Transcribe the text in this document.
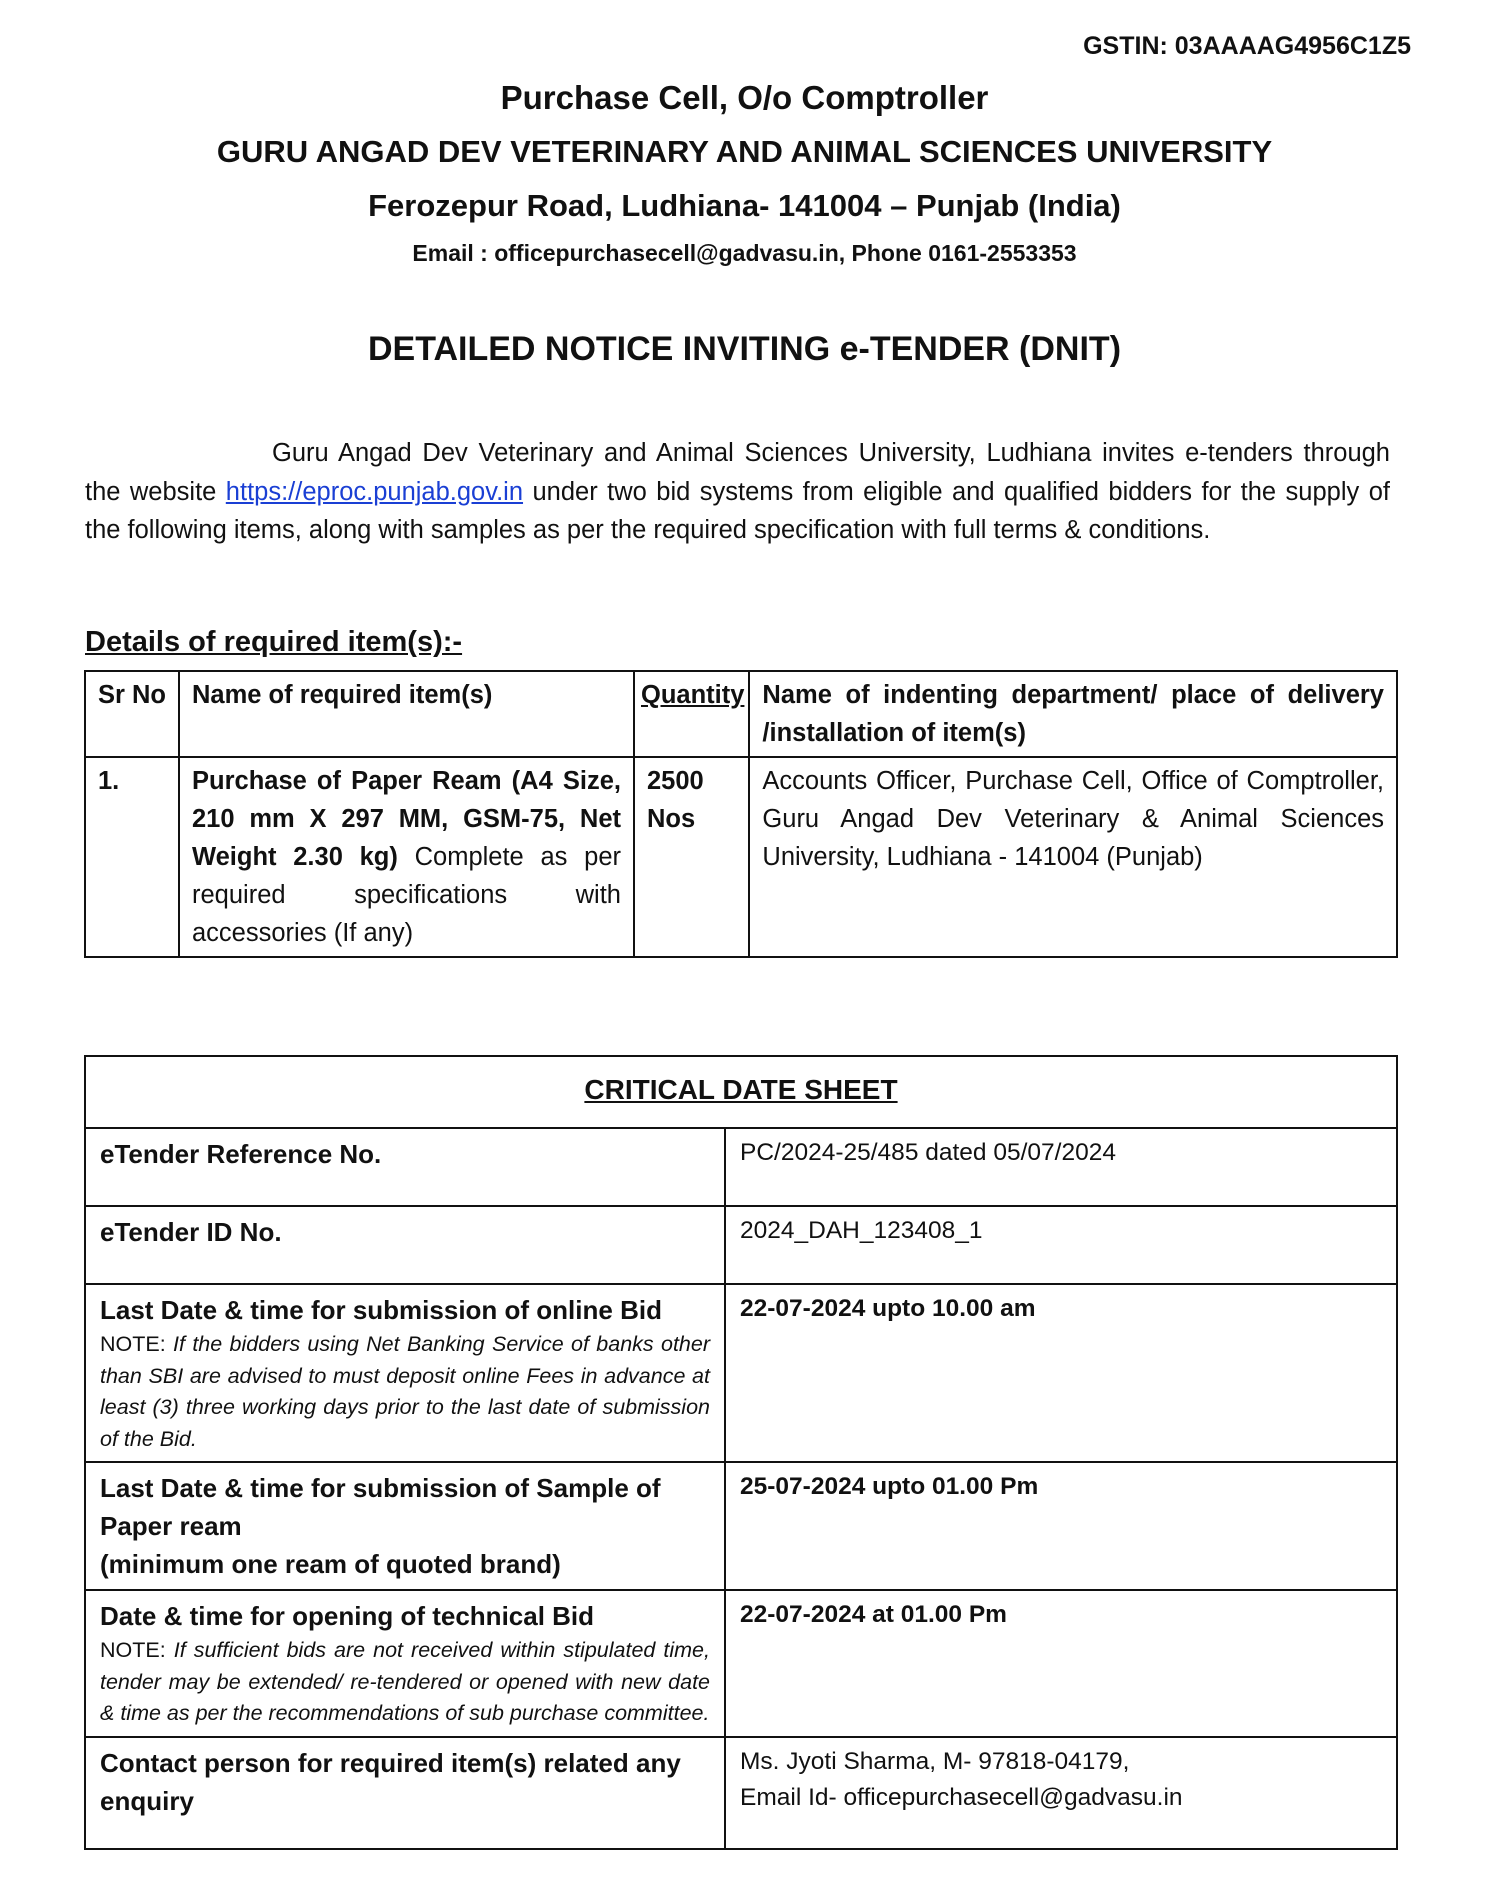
GSTIN: 03AAAAG4956C1Z5
Purchase Cell, O/o Comptroller
GURU ANGAD DEV VETERINARY AND ANIMAL SCIENCES UNIVERSITY
Ferozepur Road, Ludhiana- 141004 – Punjab (India)
Email : officepurchasecell@gadvasu.in, Phone 0161-2553353
DETAILED NOTICE INVITING e-TENDER (DNIT)
Guru Angad Dev Veterinary and Animal Sciences University, Ludhiana invites e-tenders through the website https://eproc.punjab.gov.in under two bid systems from eligible and qualified bidders for the supply of the following items, along with samples as per the required specification with full terms & conditions.
Details of required item(s):-
Sr No	Name of required item(s)	Quantity	Name of indenting department/ place of delivery /installation of item(s)
1.	Purchase of Paper Ream (A4 Size, 210 mm X 297 MM, GSM-75, Net Weight 2.30 kg) Complete as per required specifications with accessories (If any)	2500 Nos	Accounts Officer, Purchase Cell, Office of Comptroller, Guru Angad Dev Veterinary & Animal Sciences University, Ludhiana - 141004 (Punjab)
CRITICAL DATE SHEET	
eTender Reference No.	PC/2024-25/485 dated 05/07/2024
eTender ID No.	2024_DAH_123408_1

Last Date & time for submission of online Bid
NOTE: If the bidders using Net Banking Service of banks other than SBI are advised to must deposit online Fees in advance at least (3) three working days prior to the last date of submission of the Bid.	22-07-2024 upto 10.00 am

Last Date & time for submission of Sample of Paper ream
(minimum one ream of quoted brand)	25-07-2024 upto 01.00 Pm

Date & time for opening of technical Bid
NOTE: If sufficient bids are not received within stipulated time, tender may be extended/ re-tendered or opened with new date & time as per the recommendations of sub purchase committee.	22-07-2024 at 01.00 Pm
Contact person for required item(s) related any enquiry	Ms. Jyoti Sharma, M- 97818-04179,
Email Id- officepurchasecell@gadvasu.in
